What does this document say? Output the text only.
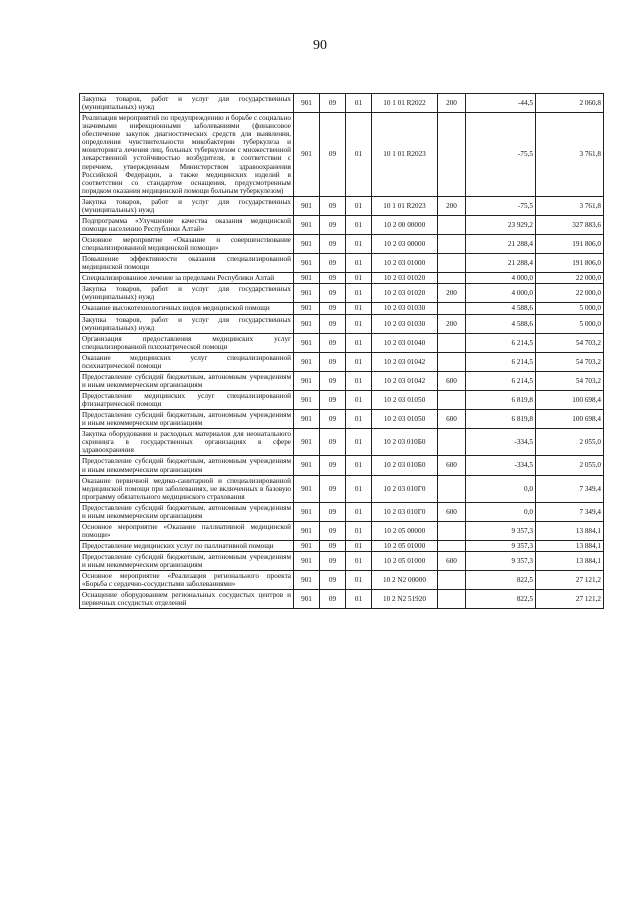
90
Закупка товаров, работ и услуг для государственных (муниципальных) нужд	901	09	01	10 1 01 R2022	200	-44,5	2 060,8
Реализация мероприятий по предупреждению и борьбе с социально значимыми инфекционными заболеваниями (финансовое обеспечение закупок диагностических средств для выявления, определения чувствительности микобактерии туберкулеза и мониторинга лечения лиц, больных туберкулезом с множественной лекарственной устойчивостью возбудителя, в соответствии с перечнем, утвержденным Министерством здравоохранения Российской Федерации, а также медицинских изделий в соответствии со стандартом оснащения, предусмотренным порядком оказания медицинской помощи больным туберкулезом)	901	09	01	10 1 01 R2023		-75,5	3 761,8
Закупка товаров, работ и услуг для государственных (муниципальных) нужд	901	09	01	10 1 01 R2023	200	-75,5	3 761,8
Подпрограмма «Улучшение качества оказания медицинской помощи населению Республики Алтай»	901	09	01	10 2 00 00000		23 929,2	327 883,6
Основное мероприятие «Оказание и совершенствование специализированной медицинской помощи»	901	09	01	10 2 03 00000		21 288,4	191 806,0
Повышение эффективности оказания специализированной медицинской помощи	901	09	01	10 2 03 01000		21 288,4	191 806,0
Специализированное лечение за пределами Республики Алтай	901	09	01	10 2 03 01020		4 000,0	22 000,0
Закупка товаров, работ и услуг для государственных (муниципальных) нужд	901	09	01	10 2 03 01020	200	4 000,0	22 000,0
Оказание высокотехнологичных видов медицинской помощи	901	09	01	10 2 03 01030		4 588,6	5 000,0
Закупка товаров, работ и услуг для государственных (муниципальных) нужд	901	09	01	10 2 03 01030	200	4 588,6	5 000,0
Организация предоставления медицинских услуг специализированной психиатрической помощи	901	09	01	10 2 03 01040		6 214,5	54 703,2
Оказание медицинских услуг специализированной психиатрической помощи	901	09	01	10 2 03 01042		6 214,5	54 703,2
Предоставление субсидий бюджетным, автономным учреждениям и иным некоммерческим организациям	901	09	01	10 2 03 01042	600	6 214,5	54 703,2
Предоставление медицинских услуг специализированной фтизиатрической помощи	901	09	01	10 2 03 01050		6 819,8	100 698,4
Предоставление субсидий бюджетным, автономным учреждениям и иным некоммерческим организациям	901	09	01	10 2 03 01050	600	6 819,8	100 698,4
Закупка оборудования и расходных материалов для неонатального скрининга в государственных организациях в сфере здравоохранения	901	09	01	10 2 03 010Б0		-334,5	2 055,0
Предоставление субсидий бюджетным, автономным учреждениям и иным некоммерческим организациям	901	09	01	10 2 03 010Б0	600	-334,5	2 055,0
Оказание первичной медико-санитарной и специализированной медицинской помощи при заболеваниях, не включенных в базовую программу обязательного медицинского страхования	901	09	01	10 2 03 010Г0		0,0	7 349,4
Предоставление субсидий бюджетным, автономным учреждениям и иным некоммерческим организациям	901	09	01	10 2 03 010Г0	600	0,0	7 349,4
Основное мероприятие «Оказание паллиативной медицинской помощи»	901	09	01	10 2 05 00000		9 357,3	13 884,1
Предоставление медицинских услуг по паллиативной помощи	901	09	01	10 2 05 01000		9 357,3	13 884,1
Предоставление субсидий бюджетным, автономным учреждениям и иным некоммерческим организациям	901	09	01	10 2 05 01000	600	9 357,3	13 884,1
Основное мероприятие «Реализация регионального проекта «Борьба с сердечно-сосудистыми заболеваниями»	901	09	01	10 2 N2 00000		822,5	27 121,2
Оснащение оборудованием региональных сосудистых центров и первичных сосудистых отделений	901	09	01	10 2 N2 51920		822,5	27 121,2
